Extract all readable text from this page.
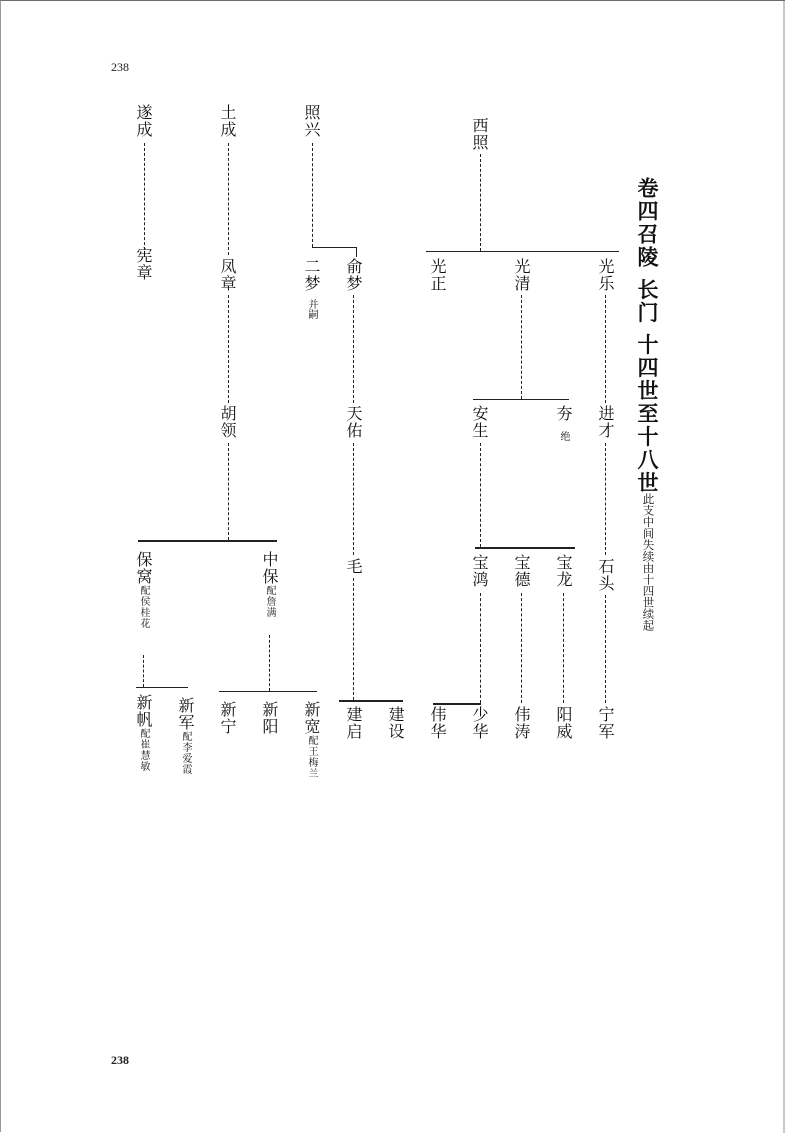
238
238
卷四召陵 长门 十四世至十八世
此支中间失续由十四世续起
西照
光乐
光清
光正
进才
石头
宁军
夯
绝
安生
宝龙
宝德
宝鸿
阳威
伟涛
少华
伟华
照兴
俞梦
二梦
并嗣
天佑
毛
建设
建启
土成
凤章
胡领
中保配詹满
保窝配侯桂花
新宽配王梅兰
新阳
新宁
新军配李爱霞
新帆配崔慧敏
遂成
宪章
